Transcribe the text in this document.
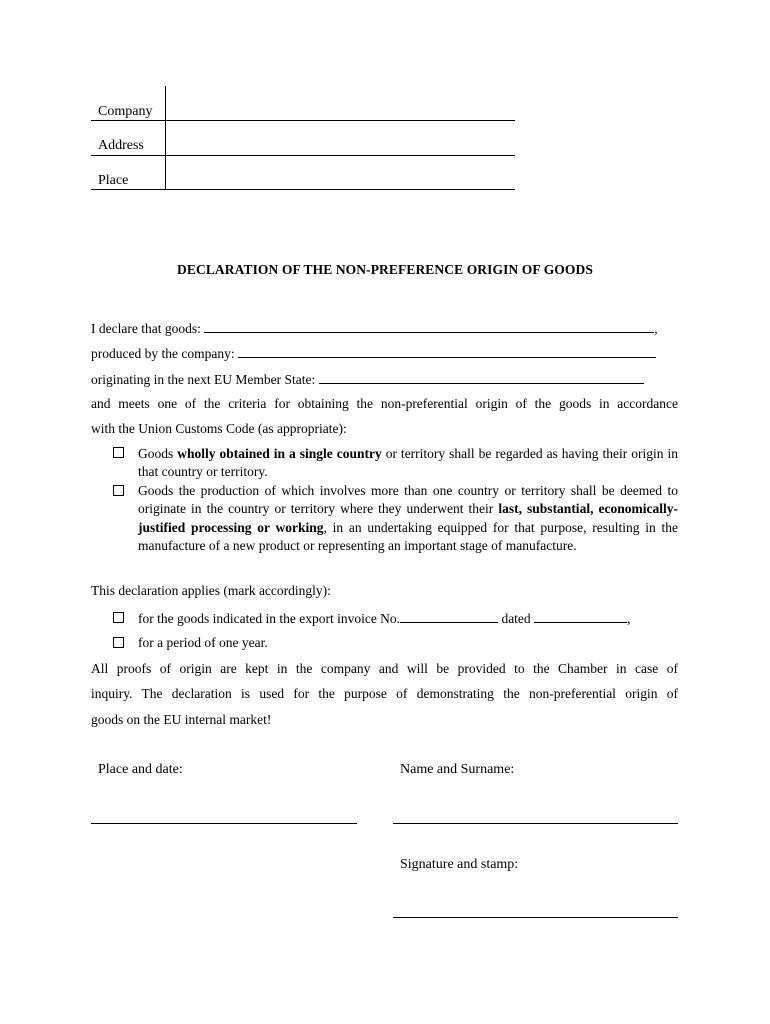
Company
Address
Place
DECLARATION OF THE NON-PREFERENCE ORIGIN OF GOODS
I declare that goods:	,
produced by the company:
originating in the next EU Member State:
and meets one of the criteria for obtaining the non-preferential origin of the goods in accordance
with the Union Customs Code (as appropriate):
Goods wholly obtained in a single country or territory shall be regarded as having their origin in that country or territory.
Goods the production of which involves more than one country or territory shall be deemed to originate in the country or territory where they underwent their last, substantial, economically-justified processing or working, in an undertaking equipped for that purpose, resulting in the manufacture of a new product or representing an important stage of manufacture.
This declaration applies (mark accordingly):
for the goods indicated in the export invoice No.	dated	,
for a period of one year.
All proofs of origin are kept in the company and will be provided to the Chamber in case of
inquiry. The declaration is used for the purpose of demonstrating the non-preferential origin of
goods on the EU internal market!
Place and date:	Name and Surname:
Signature and stamp:
